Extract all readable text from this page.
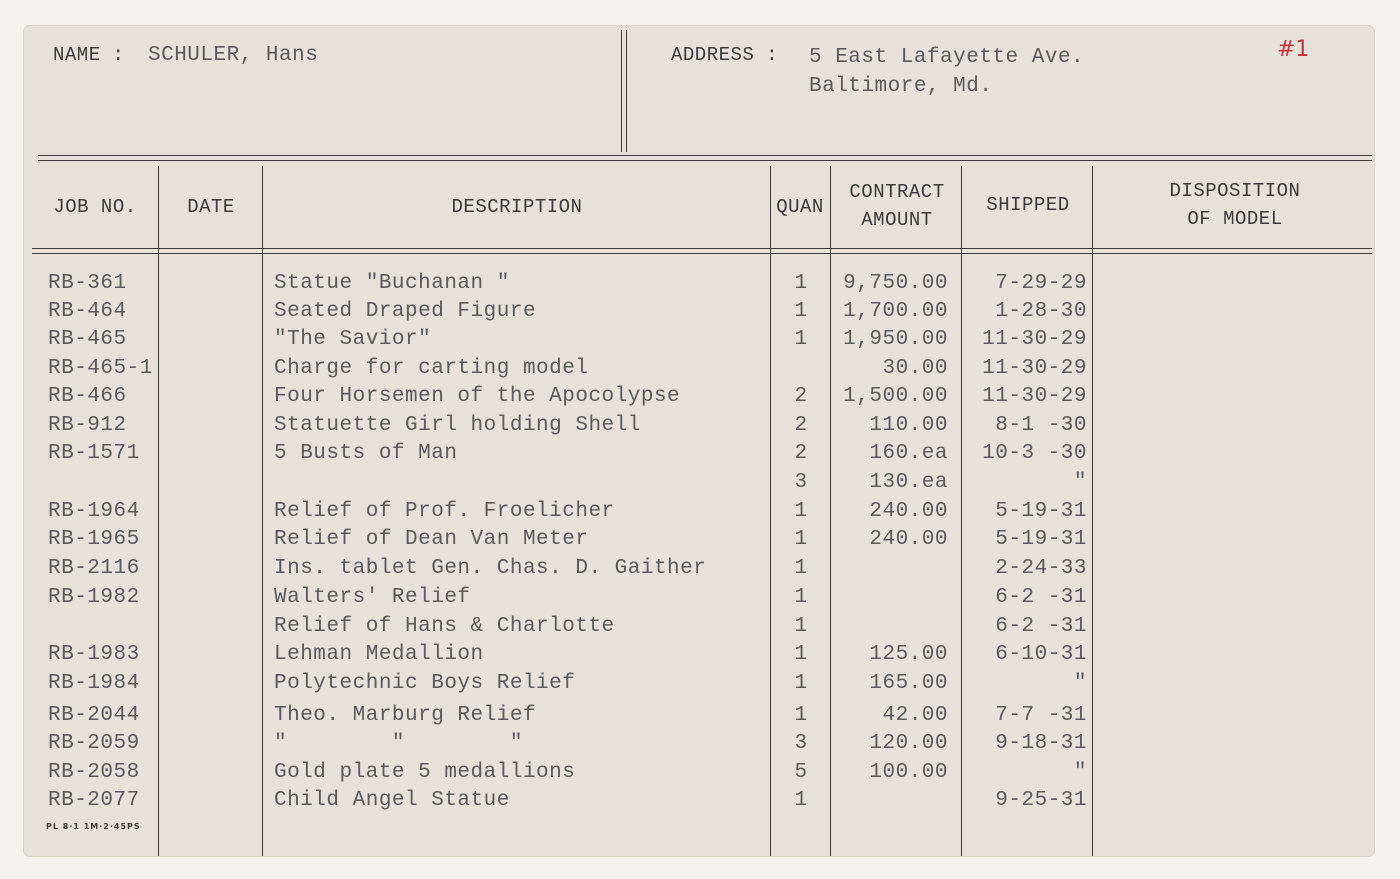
NAME : SCHULER, Hans	ADDRESS : 5 East Lafayette Ave.
Baltimore, Md.
#1
JOB NO.	DATE	DESCRIPTION	QUAN
CONTRACT
AMOUNT
SHIPPED
DISPOSITION
OF MODEL
RB-361	Statue "Buchanan "	1	9,750.00	7-29-29
RB-464	Seated Draped Figure	1	1,700.00	1-28-30
RB-465	"The Savior"	1	1,950.00	11-30-29
RB-465-1	Charge for carting model	30.00	11-30-29
RB-466	Four Horsemen of the Apocolypse	2	1,500.00	11-30-29
RB-912	Statuette Girl holding Shell	2	110.00	8-1 -30
RB-1571	5 Busts of Man	2	160.ea	10-3 -30
3	130.ea	"
RB-1964	Relief of Prof. Froelicher	1	240.00	5-19-31
RB-1965	Relief of Dean Van Meter	1	240.00	5-19-31
RB-2116	Ins. tablet Gen. Chas. D. Gaither	1	2-24-33
RB-1982	Walters' Relief	1	6-2 -31
Relief of Hans & Charlotte	1	6-2 -31
RB-1983	Lehman Medallion	1	125.00	6-10-31
RB-1984	Polytechnic Boys Relief	1	165.00	"
RB-2044	Theo. Marburg Relief	1	42.00	7-7 -31
RB-2059	"        "        "	3	120.00	9-18-31
RB-2058	Gold plate 5 medallions	5	100.00	"
RB-2077	Child Angel Statue	1	9-25-31
PL 8·1 1M·2·45PS
